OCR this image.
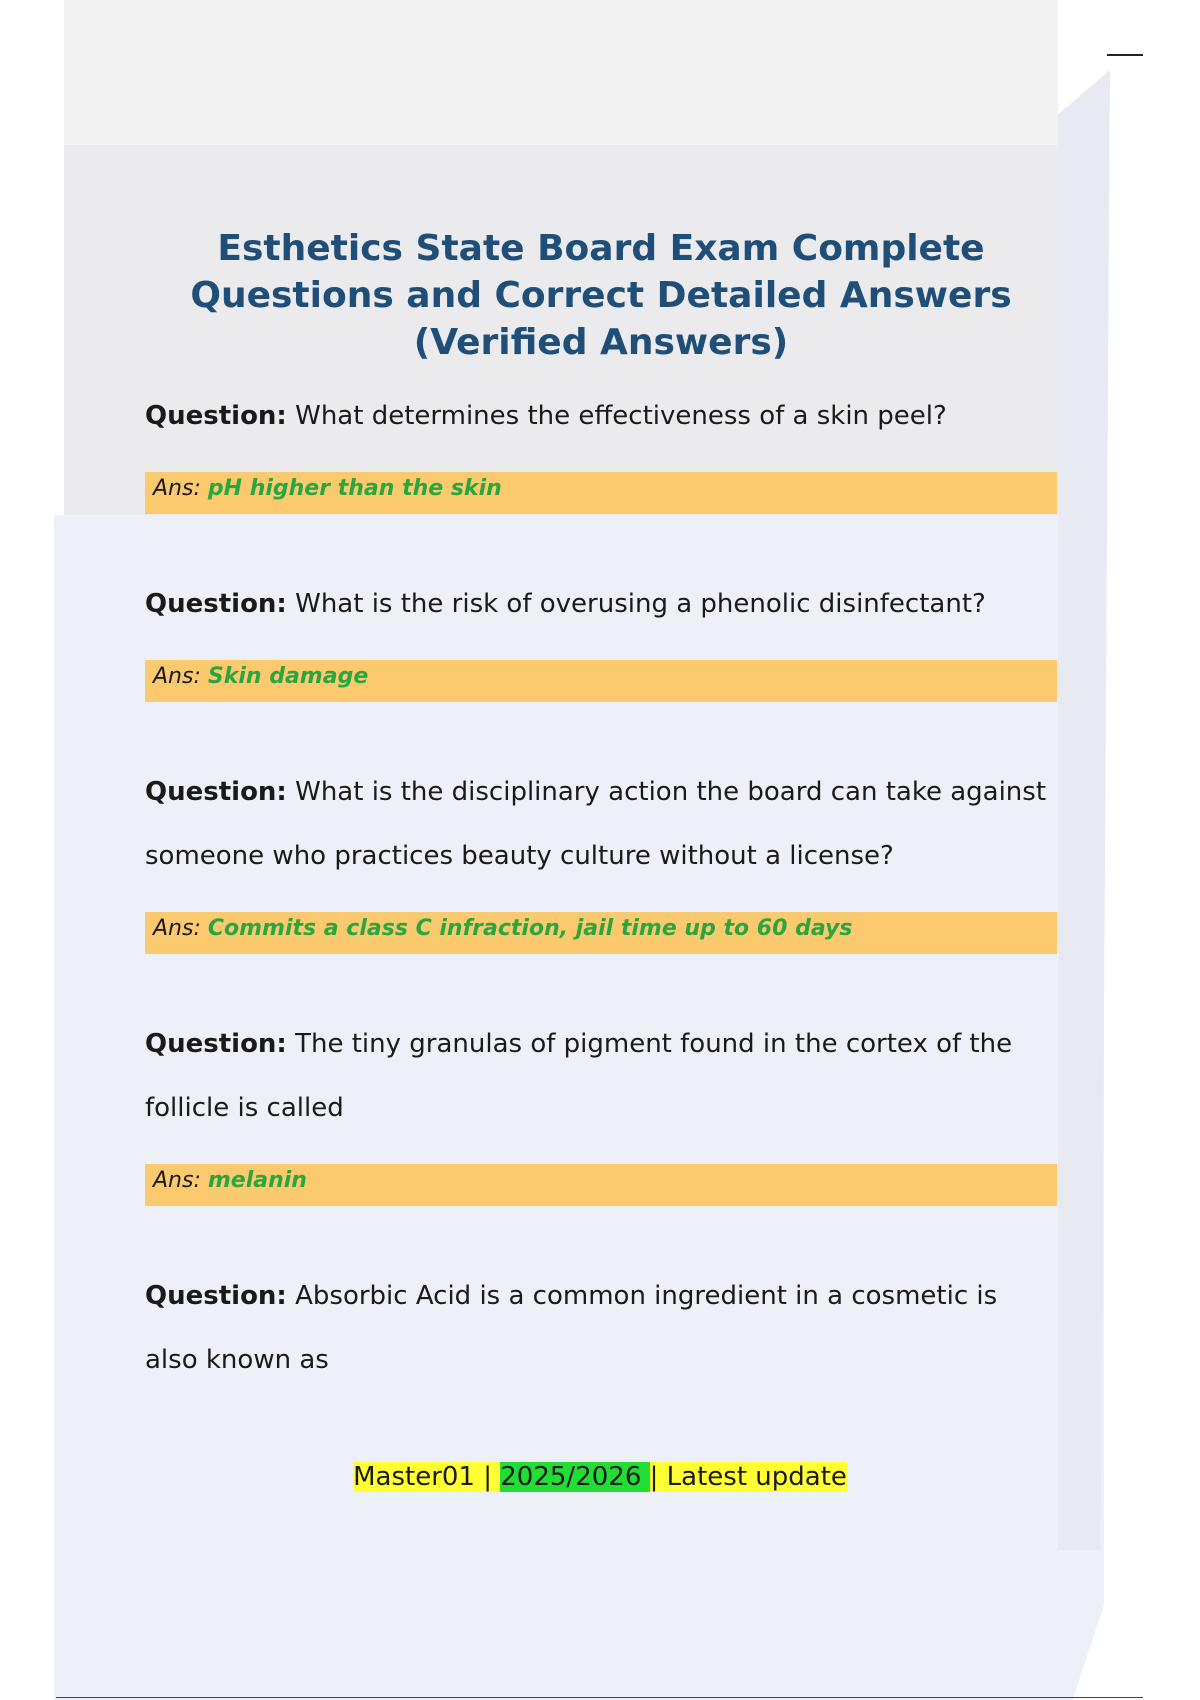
Esthetics State Board Exam Complete Questions and Correct Detailed Answers (Verified Answers)

Question: What determines the effectiveness of a skin peel?

Ans: pH higher than the skin

Question: What is the risk of overusing a phenolic disinfectant?

Ans: Skin damage

Question: What is the disciplinary action the board can take against someone who practices beauty culture without a license?

Ans: Commits a class C infraction, jail time up to 60 days

Question: The tiny granulas of pigment found in the cortex of the follicle is called

Ans: melanin

Question: Absorbic Acid is a common ingredient in a cosmetic is also known as

Master01 | 2025/2026 | Latest update
